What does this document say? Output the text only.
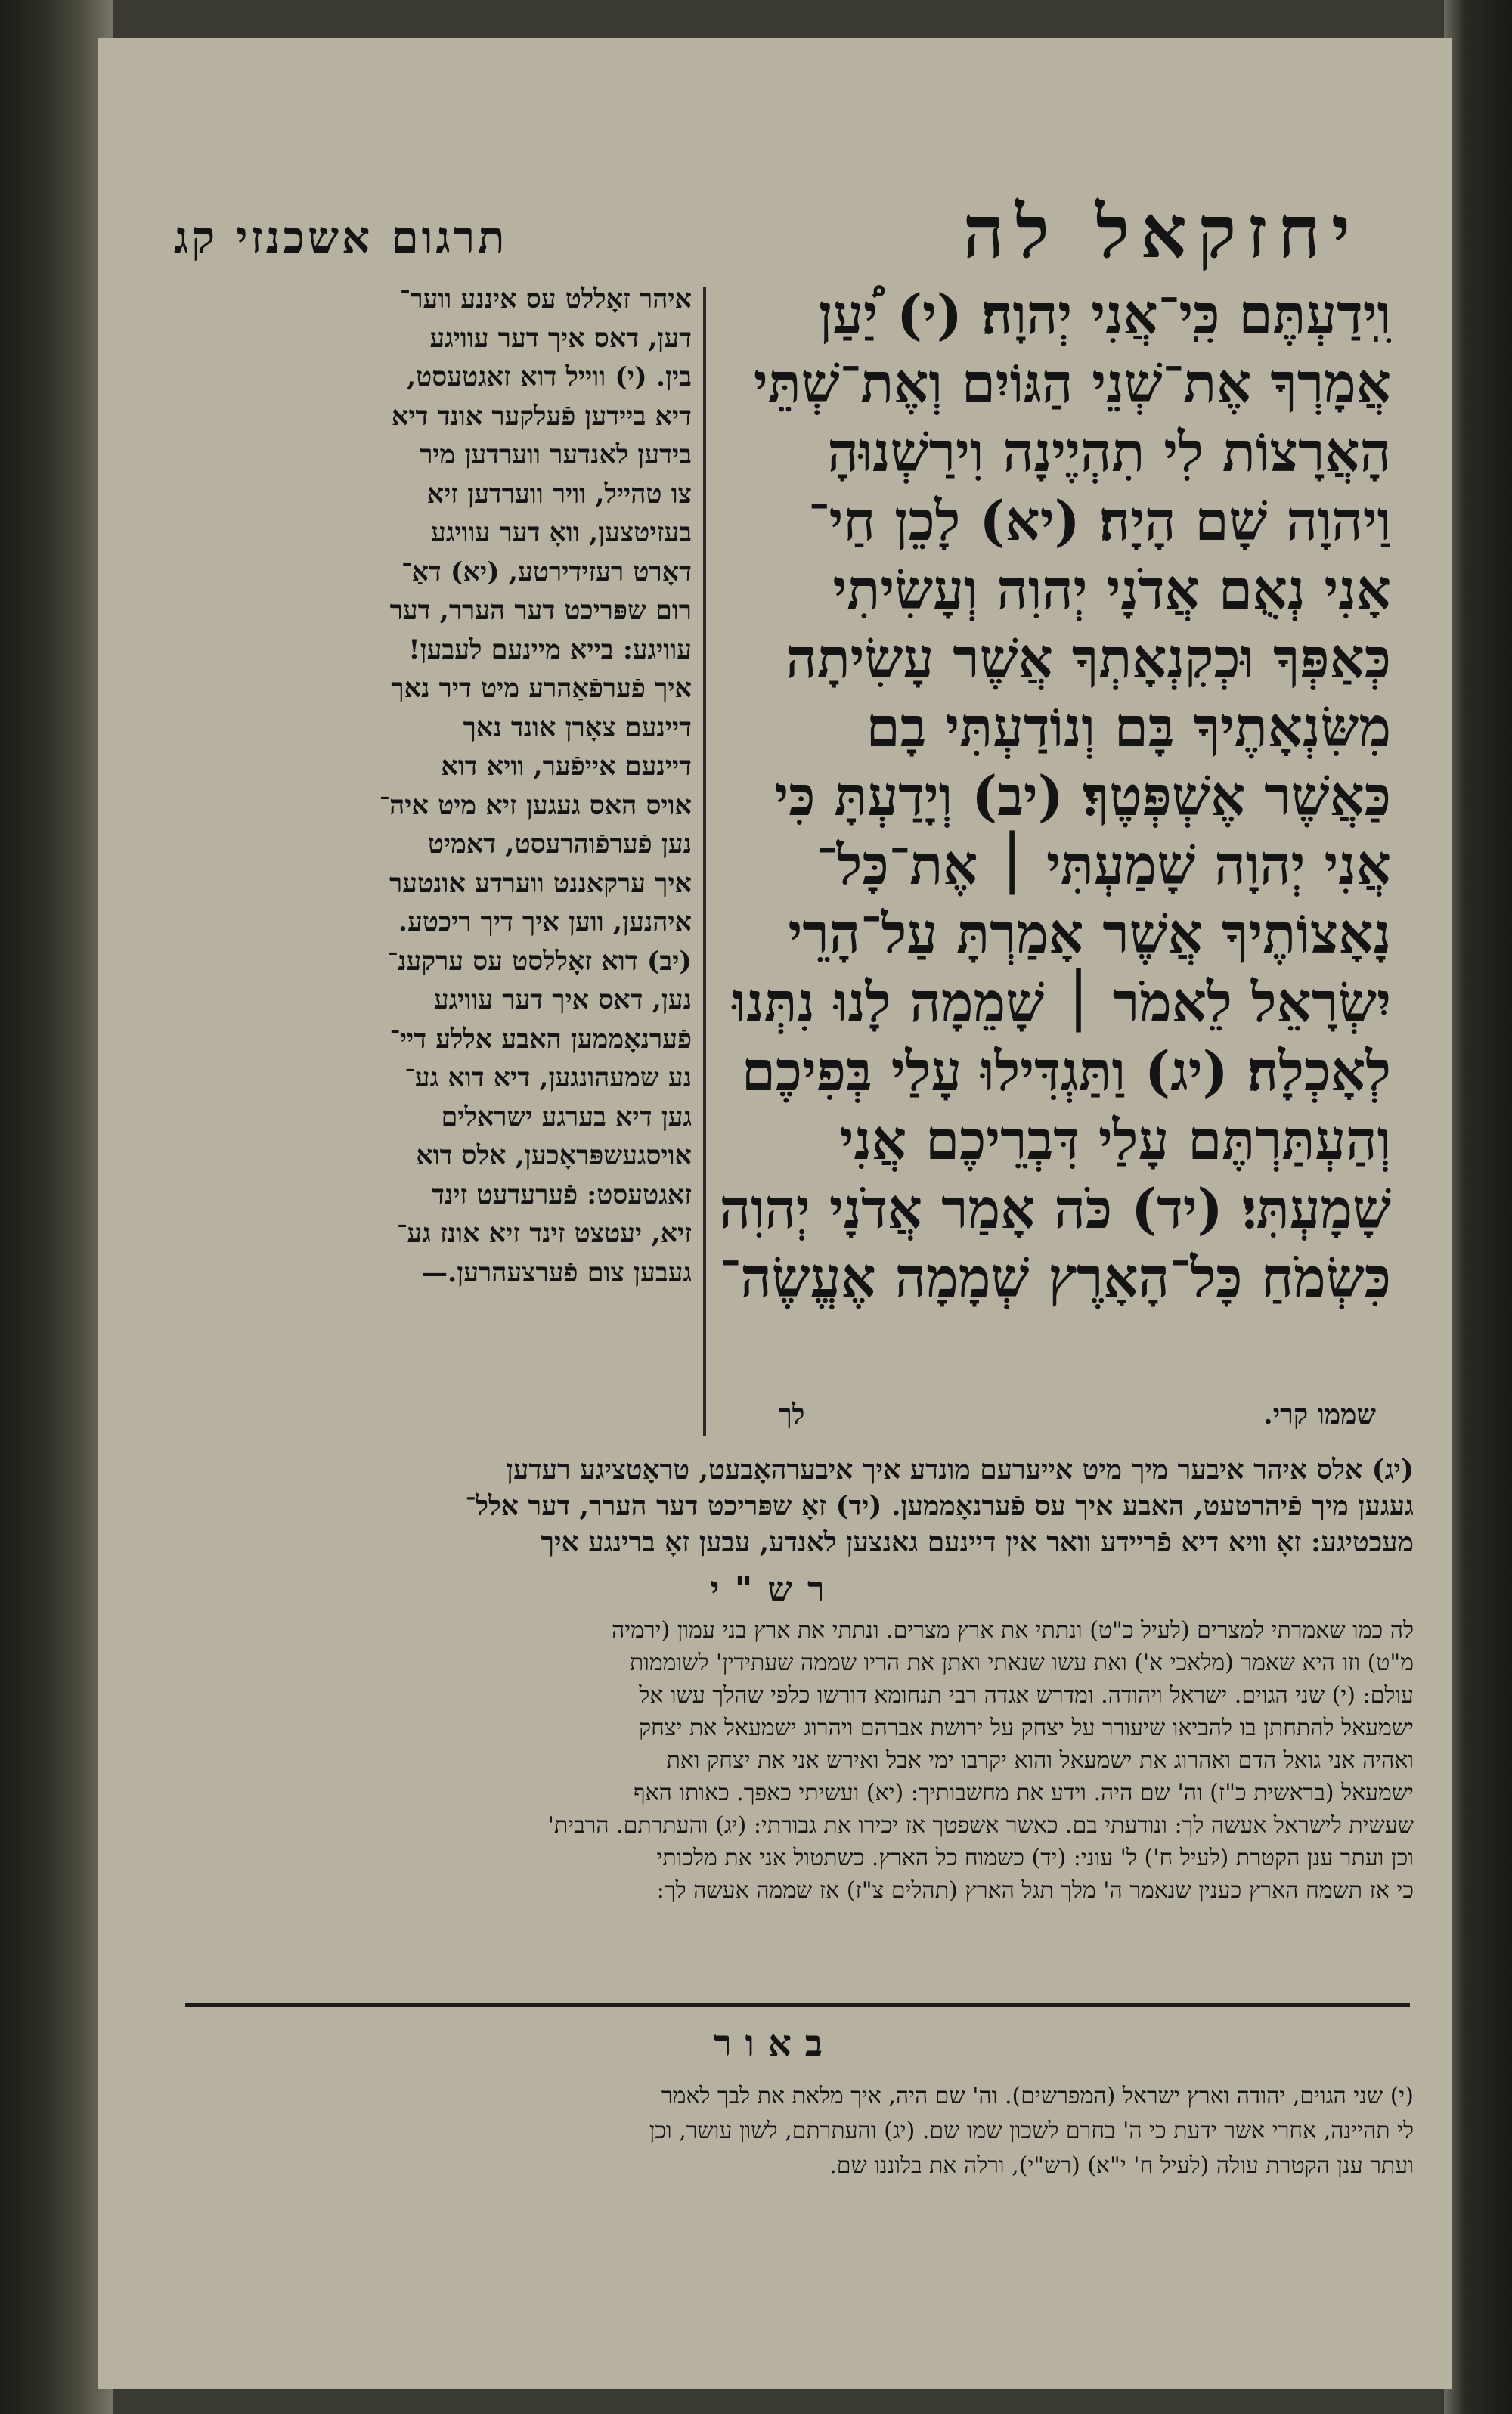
יחזקאל לה
תרגום אשכנזי קג
וִֽידַעְתֶּם כִּֽי־אֲנִי יְהוָה׃ (י) יַ֠עַן
אֲמָרְךָ אֶת־שְׁנֵי הַגּוֹיִם וְאֶת־שְׁתֵּי
הָאֲרָצוֹת לִי תִהְיֶינָה וִירַשְׁנוּהָ
וַיהוָה שָׁם הָיָה׃ (יא) לָכֵן חַי־
אָנִי נְאֻם אֲדֹנָי יְהוִה וְעָשִׂיתִי
כְּאַפְּךָ וּכְקִנְאָתְךָ אֲשֶׁר עָשִׂיתָה
מִשִּׂנְאָתֶיךָ בָּם וְנוֹדַעְתִּי בָם
כַּאֲשֶׁר אֶשְׁפְּטֶךָ׃ (יב) וְיָדַעְתָּ כִּי
אֲנִי יְהוָה שָׁמַעְתִּי ׀ אֶת־כָּל־
נָאָצוֹתֶיךָ אֲשֶׁר אָמַרְתָּ עַל־הָרֵי
יִשְׂרָאֵל לֵאמֹר ׀ שָׁמֵמָה לָנוּ נִתְּנוּ
לְאָכְלָה׃ (יג) וַתַּגְדִּילוּ עָלַי בְּפִיכֶם
וְהַעְתַּרְתֶּם עָלַי דִּבְרֵיכֶם אֲנִי
שָׁמָעְתִּי׃ (יד) כֹּה אָמַר אֲדֹנָי יְהוִה
כִּשְׂמֹחַ כָּל־הָאָרֶץ שְׁמָמָה אֶעֱשֶׂה־
איהר זאָללט עס איננע ווער־
דען, דאס איך דער עוויגע
בין. (י) ווייל דוא זאגטעסט,
דיא ביידען פֿעלקער אונד דיא
בידען לאנדער ווערדען מיר
צו טהייל, וויר ווערדען זיא
בעזיטצען, וואָ דער עוויגע
דאָרט רעזידירטע, (יא) דאַ־
רום שפּריכט דער הערר, דער
עוויגע: בייא מיינעם לעבען!
איך פֿערפֿאַהרע מיט דיר נאך
דיינעם צאָרן אונד נאך
דיינעם אייפֿער, וויא דוא
אויס האס געגען זיא מיט איה־
נען פֿערפֿוהרעסט, דאמיט
איך ערקאננט ווערדע אונטער
איהנען, ווען איך דיך ריכטע.
(יב) דוא זאָללסט עס ערקענ־
נען, דאס איך דער עוויגע
פֿערנאָממען האבע אללע דיי־
נע שמעהונגען, דיא דוא גע־
גען דיא בערגע ישראלים
אויסגעשפּראָכען, אלס דוא
זאגטעסט: פֿערעדעט זינד
זיא, יעטצט זינד זיא אונז גע־
געבען צום פֿערצעהרען.—
שממו קרי.
לך
(יג) אלס איהר איבער מיך מיט אייערעם מונדע איך איבערהאָבעט, טראָטציגע רעדען
געגען מיך פֿיהרטעט, האבע איך עס פֿערנאָממען. (יד) זאָ שפּריכט דער הערר, דער אלל־
מעכטיגע: זאָ וויא דיא פֿריידע וואר אין דיינעם גאנצען לאנדע, עבען זאָ ברינגע איך
רש"י
לה כמו שאמרתי למצרים (לעיל כ"ט) ונתתי את ארץ מצרים. ונתתי את ארץ בני עמון (ירמיה
מ"ט) וזו היא שאמר (מלאכי א') ואת עשו שנאתי ואתן את הריו שממה שעתידין' לשוממות
עולם: (י) שני הגוים. ישראל ויהודה. ומדרש אגדה רבי תנחומא דורשו כלפי שהלך עשו אל
ישמעאל להתחתן בו להביאו שיעורר על יצחק על ירושת אברהם ויהרוג ישמעאל את יצחק
ואהיה אני גואל הדם ואהרוג את ישמעאל והוא יקרבו ימי אבל ואירש אני את יצחק ואת
ישמעאל (בראשית כ"ז) וה' שם היה. וידע את מחשבותיך: (יא) ועשיתי כאפך. כאותו האף
שעשית לישראל אעשה לך: ונודעתי בם. כאשר אשפטך אז יכירו את גבורתי: (יג) והעתרתם. הרבית'
וכן ועתר ענן הקטרת (לעיל ח') ל' עוני: (יד) כשמוח כל הארץ. כשתטול אני את מלכותי
כי אז תשמח הארץ כענין שנאמר ה' מלך תגל הארץ (תהלים צ"ז) אז שממה אעשה לך:
באור
(י) שני הגוים, יהודה וארץ ישראל (המפרשים). וה' שם היה, איך מלאת את לבך לאמר
לי תהיינה, אחרי אשר ידעת כי ה' בחרם לשכון שמו שם. (יג) והעתרתם, לשון עושר, וכן
ועתר ענן הקטרת עולה (לעיל ח' י"א) (רש"י), ורלה את בלוננו שם.
